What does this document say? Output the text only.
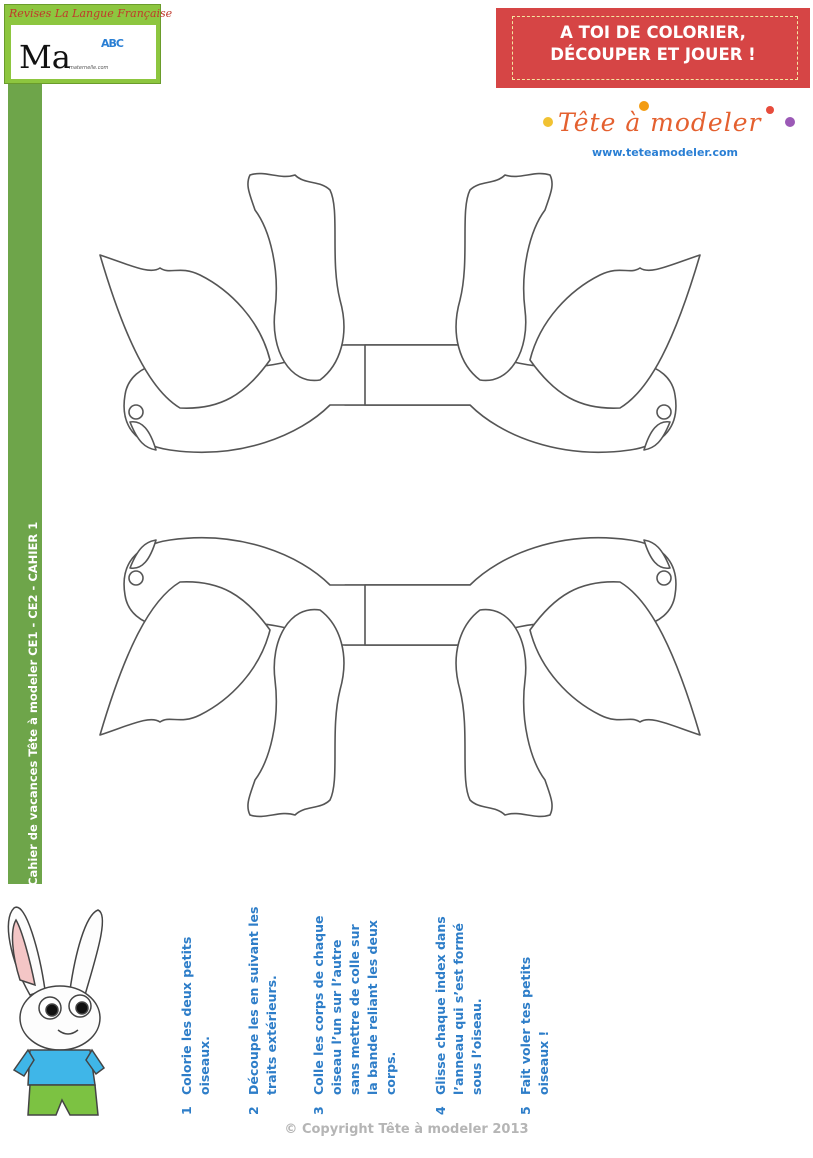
Revises La Langue Française
Ma	ABC
maternelle.com
Cahier de vacances Tête à modeler CE1 - CE2 - CAHIER 1
A TOI DE COLORIER,
DÉCOUPER ET JOUER !
Tête à modeler
www.teteamodeler.com
1Colorie les deux petits oiseaux.
2Découpe les en suivant les traits extérieurs.
3Colle les corps de chaque oiseau l’un sur l’autre sans mettre de colle sur la bande reliant les deux corps.
4Glisse chaque index dans l’anneau qui s’est formé sous l’oiseau.
5Fait voler tes petits oiseaux !
© Copyright Tête à modeler 2013
